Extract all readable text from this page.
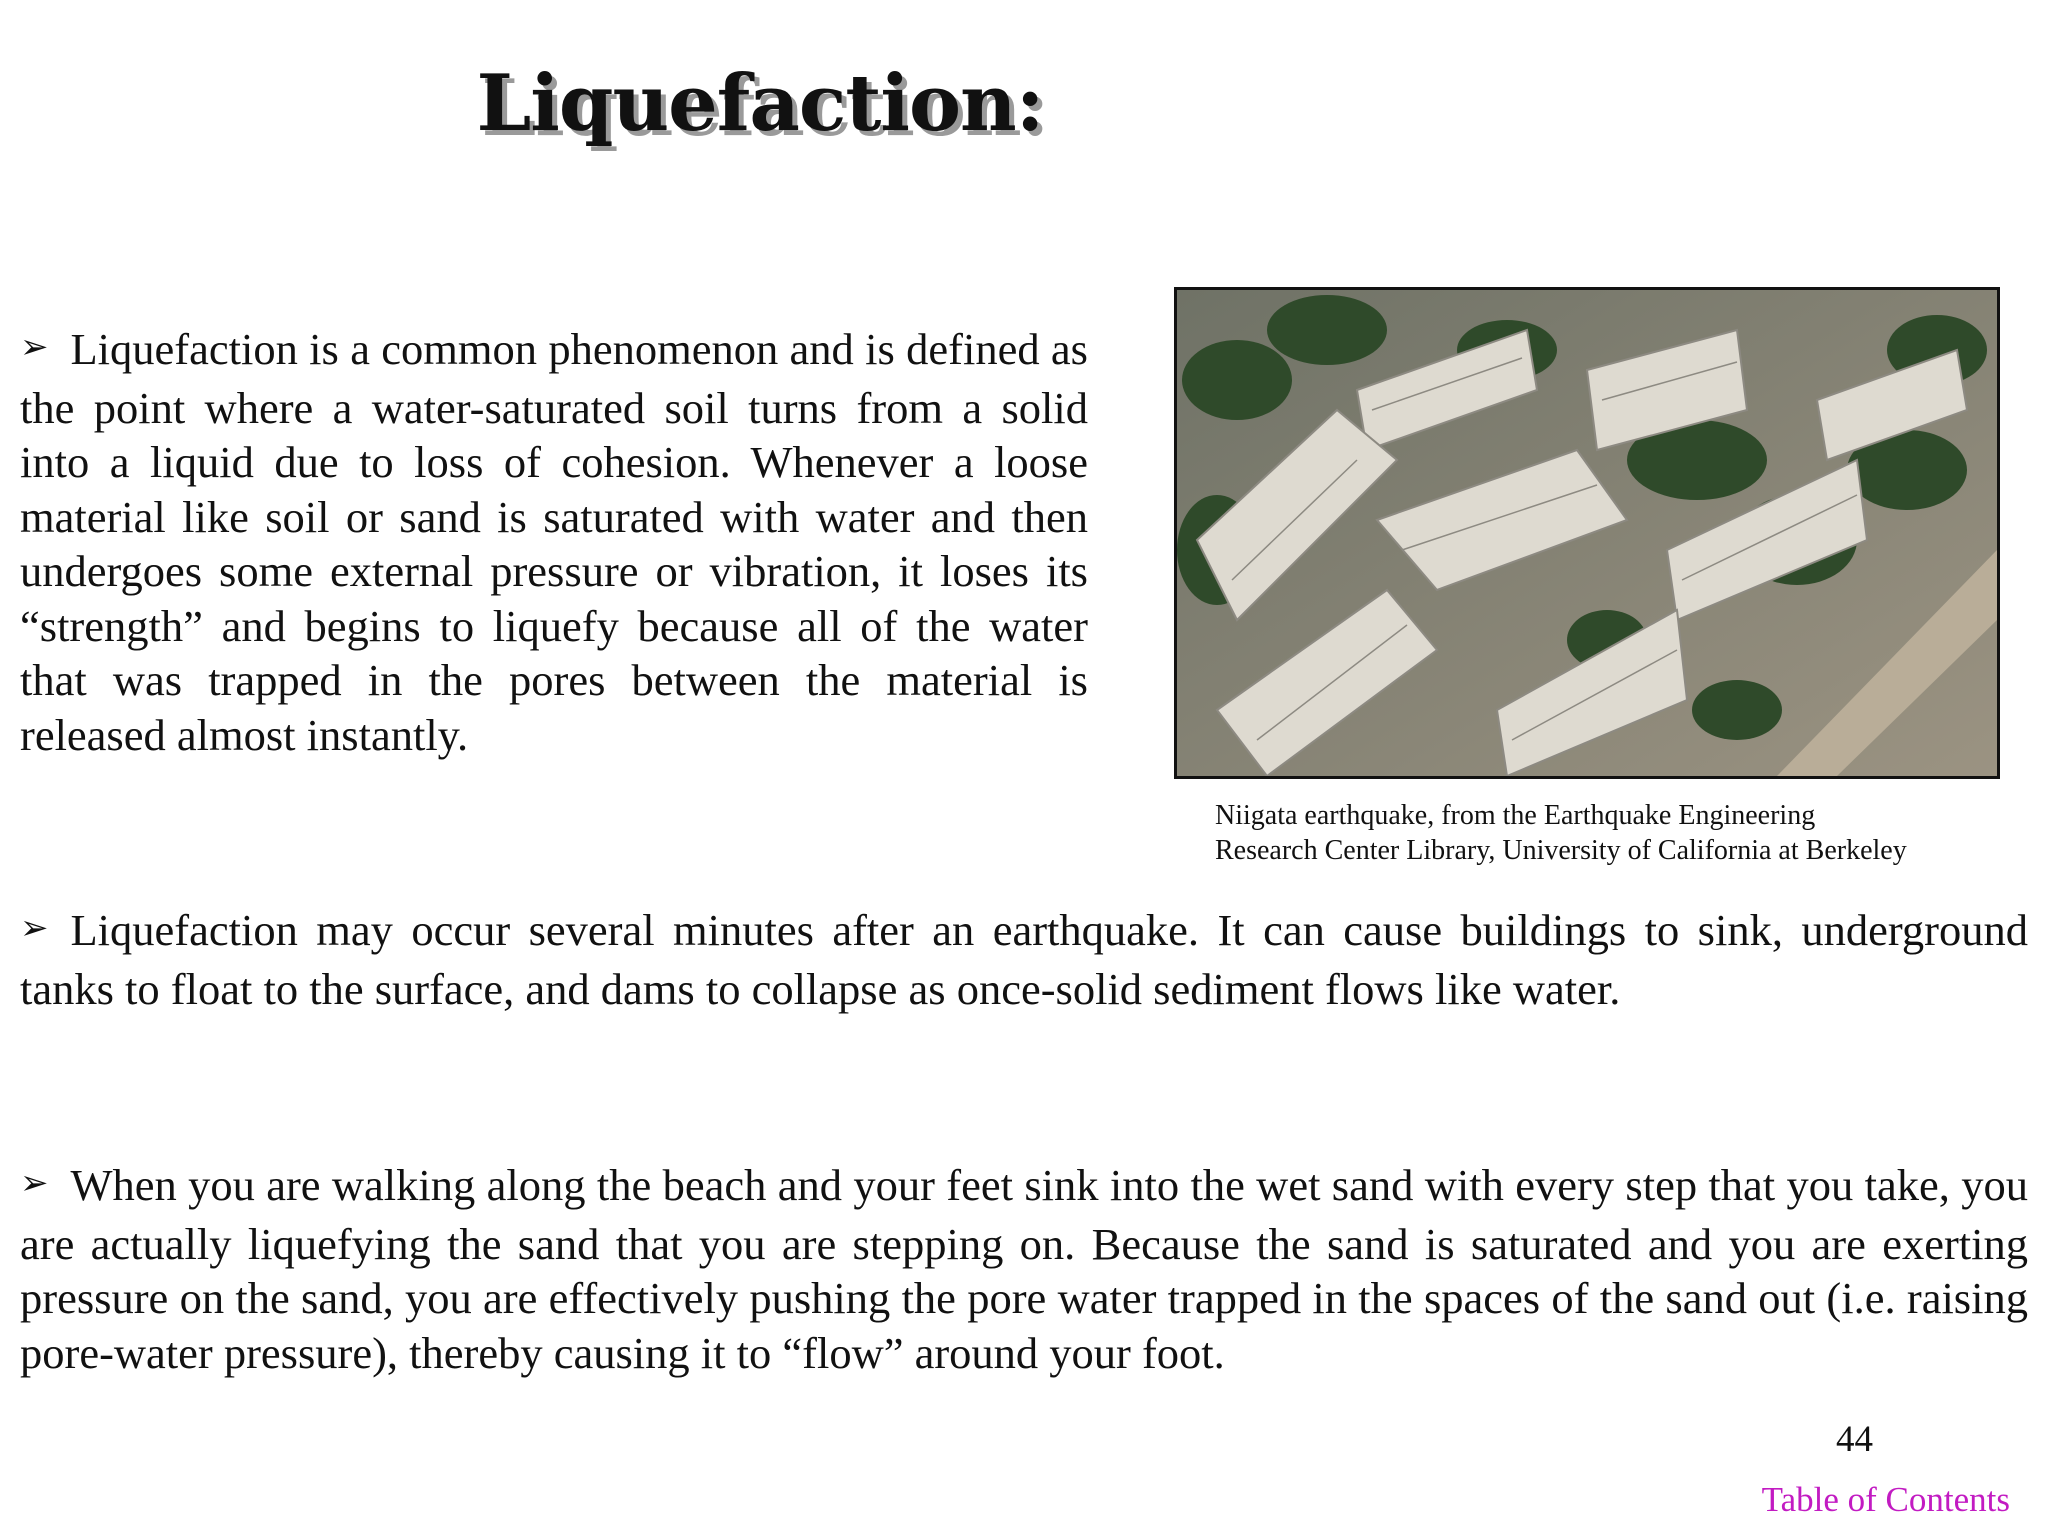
Liquefaction:
➢ Liquefaction is a common phenomenon and is defined as the point where a water-saturated soil turns from a solid into a liquid due to loss of cohesion. Whenever a loose material like soil or sand is saturated with water and then undergoes some external pressure or vibration, it loses its “strength” and begins to liquefy because all of the water that was trapped in the pores between the material is released almost instantly.
Niigata earthquake, from the Earthquake Engineering
Research Center Library, University of California at Berkeley
➢ Liquefaction may occur several minutes after an earthquake. It can cause buildings to sink, underground tanks to float to the surface, and dams to collapse as once-solid sediment flows like water.
➢ When you are walking along the beach and your feet sink into the wet sand with every step that you take, you are actually liquefying the sand that you are stepping on. Because the sand is saturated and you are exerting pressure on the sand, you are effectively pushing the pore water trapped in the spaces of the sand out (i.e. raising pore-water pressure), thereby causing it to “flow” around your foot.
44
Table of Contents
